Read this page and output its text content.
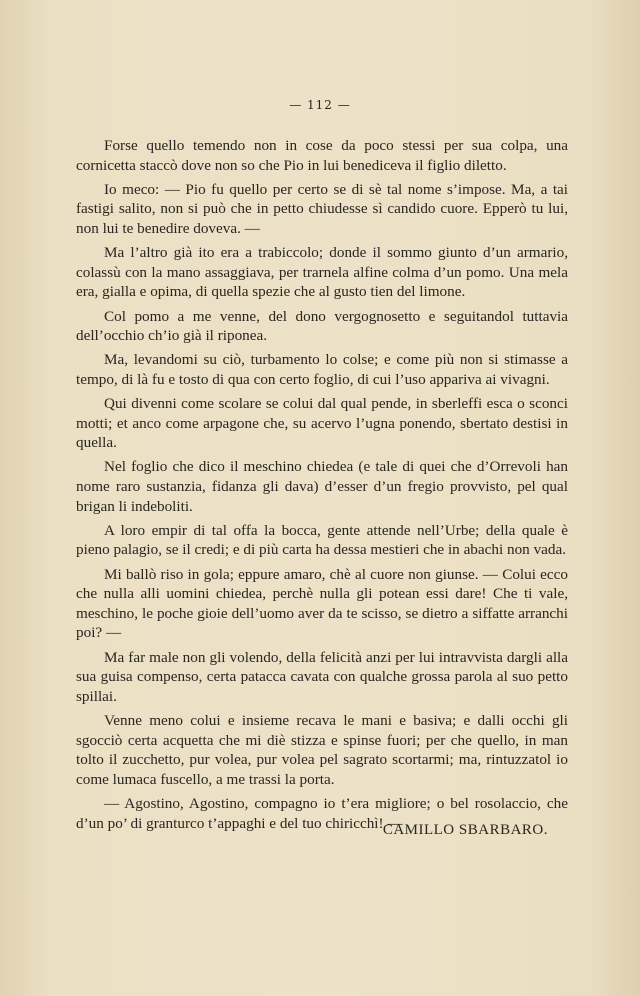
— 112 —

Forse quello temendo non in cose da poco stessi per sua colpa, una cornicetta staccò dove non so che Pio in lui benediceva il figlio diletto.

Io meco: — Pio fu quello per certo se di sè tal nome s’impose. Ma, a tai fastigi salito, non si può che in petto chiudesse sì candido cuore. Epperò tu lui, non lui te benedire doveva. —

Ma l’altro già ito era a trabiccolo; donde il sommo giunto d’un armario, colassù con la mano assaggiava, per trarnela alfine colma d’un pomo. Una mela era, gialla e opima, di quella spezie che al gusto tien del limone.

Col pomo a me venne, del dono vergognosetto e seguitandol tuttavia dell’occhio ch’io già il riponea.

Ma, levandomi su ciò, turbamento lo colse; e come più non si stimasse a tempo, di là fu e tosto di qua con certo foglio, di cui l’uso appariva ai vivagni.

Qui divenni come scolare se colui dal qual pende, in sberleffi esca o sconci motti; et anco come arpagone che, su acervo l’ugna ponendo, sbertato destisi in quella.

Nel foglio che dico il meschino chiedea (e tale di quei che d’Orrevoli han nome raro sustanzia, fidanza gli dava) d’esser d’un fregio provvisto, pel qual brigan li indeboliti.

A loro empir di tal offa la bocca, gente attende nell’Urbe; della quale è pieno palagio, se il credi; e di più carta ha dessa mestieri che in abachi non vada.

Mi ballò riso in gola; eppure amaro, chè al cuore non giunse. — Colui ecco che nulla alli uomini chiedea, perchè nulla gli potean essi dare! Che ti vale, meschino, le poche gioie dell’uomo aver da te scisso, se dietro a siffatte arranchi poi? —

Ma far male non gli volendo, della felicità anzi per lui intravvista dargli alla sua guisa compenso, certa patacca cavata con qualche grossa parola al suo petto spillai.

Venne meno colui e insieme recava le mani e basiva; e dalli occhi gli sgocciò certa acquetta che mi diè stizza e spinse fuori; per che quello, in man tolto il zucchetto, pur volea, pur volea pel sagrato scortarmi; ma, rintuzzatol io come lumaca fuscello, a me trassi la porta.

— Agostino, Agostino, compagno io t’era migliore; o bel rosolaccio, che d’un po’ di granturco t’appaghi e del tuo chiricchì! —

CAMILLO SBARBARO.
